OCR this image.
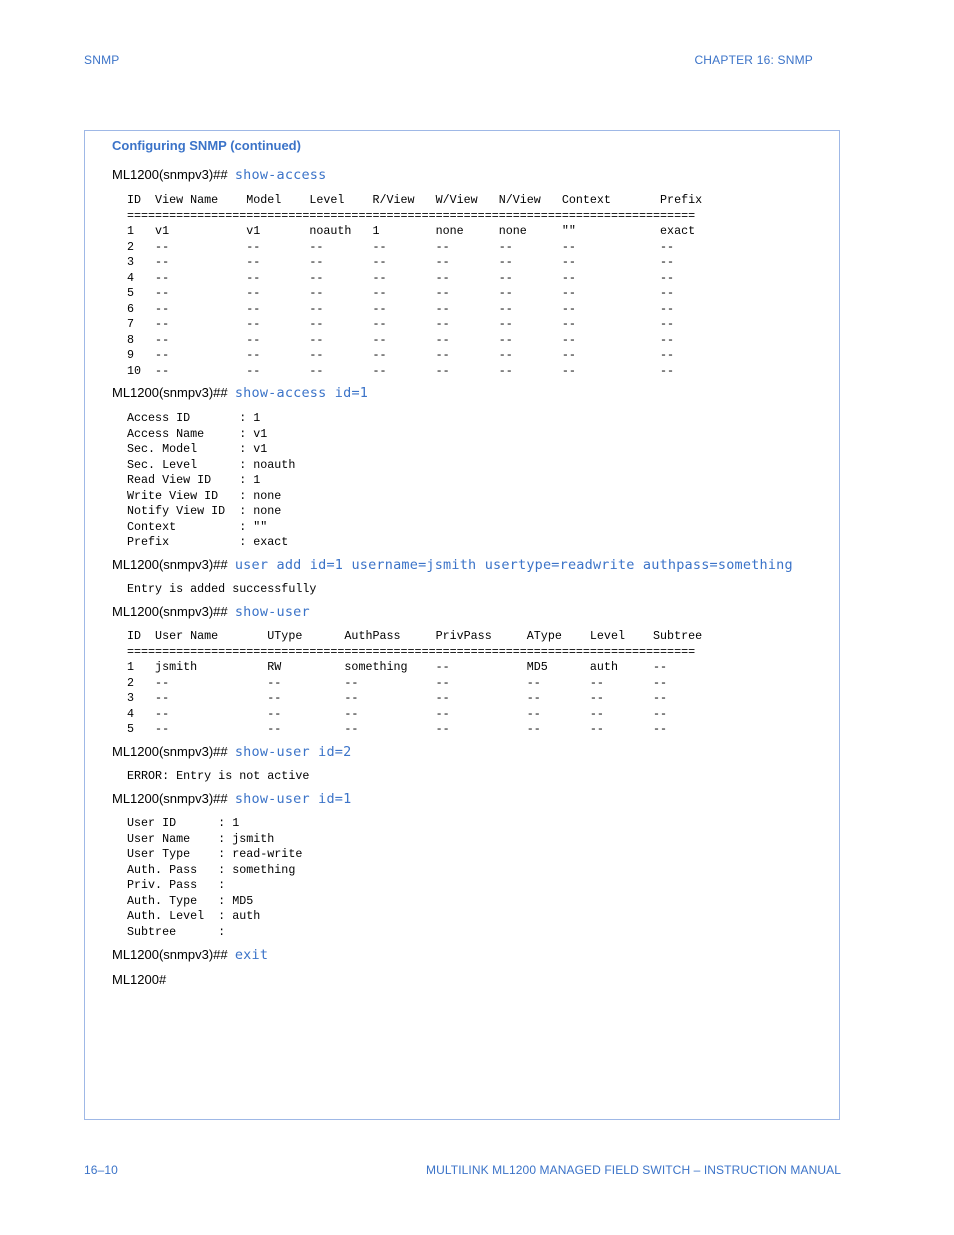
SNMP	CHAPTER 16: SNMP
Configuring SNMP (continued)
ML1200(snmpv3)## show-access
ID  View Name    Model    Level    R/View   W/View   N/View   Context       Prefix
=================================================================================
1   v1           v1       noauth   1        none     none     ""            exact
2   --           --       --       --       --       --       --            --
3   --           --       --       --       --       --       --            --
4   --           --       --       --       --       --       --            --
5   --           --       --       --       --       --       --            --
6   --           --       --       --       --       --       --            --
7   --           --       --       --       --       --       --            --
8   --           --       --       --       --       --       --            --
9   --           --       --       --       --       --       --            --
10  --           --       --       --       --       --       --            --
ML1200(snmpv3)## show-access id=1
Access ID       : 1
Access Name     : v1
Sec. Model      : v1
Sec. Level      : noauth
Read View ID    : 1
Write View ID   : none
Notify View ID  : none
Context         : ""
Prefix          : exact
ML1200(snmpv3)## user add id=1 username=jsmith usertype=readwrite authpass=something
Entry is added successfully
ML1200(snmpv3)## show-user
ID  User Name       UType      AuthPass     PrivPass     AType    Level    Subtree
=================================================================================
1   jsmith          RW         something    --           MD5      auth     --
2   --              --         --           --           --       --       --
3   --              --         --           --           --       --       --
4   --              --         --           --           --       --       --
5   --              --         --           --           --       --       --
ML1200(snmpv3)## show-user id=2
ERROR: Entry is not active
ML1200(snmpv3)## show-user id=1
User ID      : 1
User Name    : jsmith
User Type    : read-write
Auth. Pass   : something
Priv. Pass   :
Auth. Type   : MD5
Auth. Level  : auth
Subtree      :
ML1200(snmpv3)## exit
ML1200#
16–10	MULTILINK ML1200 MANAGED FIELD SWITCH – INSTRUCTION MANUAL
